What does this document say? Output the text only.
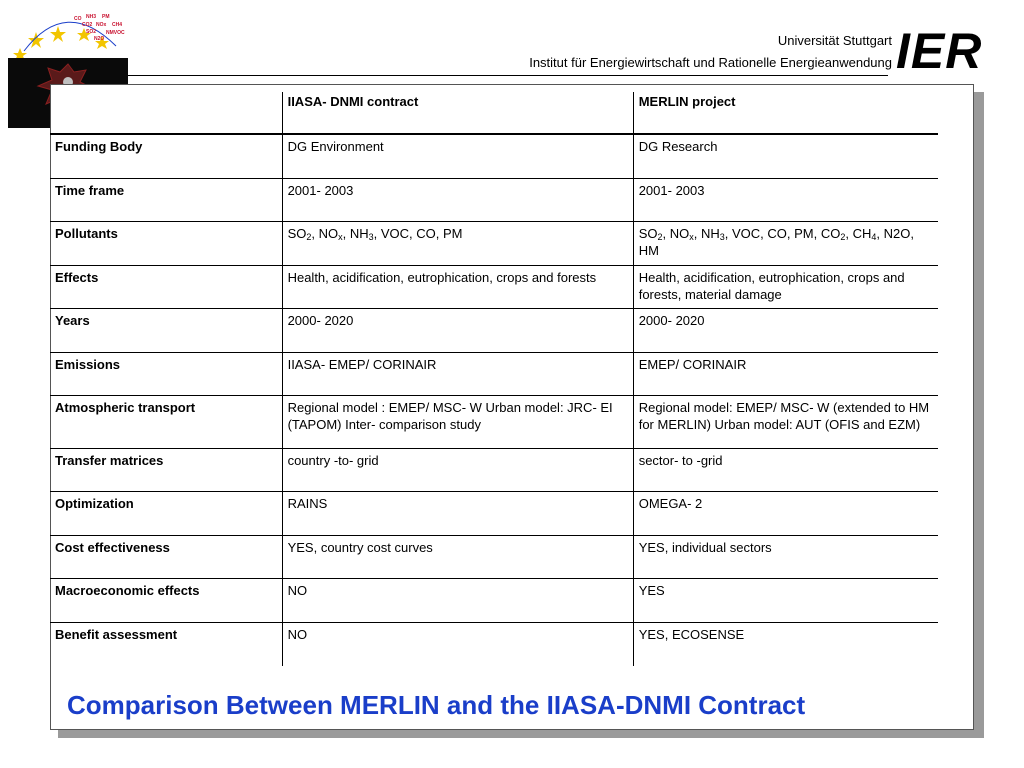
CO NH3 PM
CO2 NOx CH4
SO2 NMVOC
N2O	Universität Stuttgart
Institut für Energiewirtschaft und Rationelle Energieanwendung IER
	IIASA- DNMI contract	MERLIN project
Funding Body	DG Environment	DG Research
Time frame	2001- 2003	2001- 2003
Pollutants	$SO_2$, $NO_x$, $NH_3$, VOC, CO, PM	$SO_2$, $NO_x$, $NH_3$, VOC, CO, PM, $CO_2$, $CH_4$, N2O, HM
Effects	Health, acidification, eutrophication, crops and forests	Health, acidification, eutrophication, crops and forests, material damage
Years	2000- 2020	2000- 2020
Emissions	IIASA- EMEP/ CORINAIR	EMEP/ CORINAIR
Atmospheric transport	Regional model : EMEP/ MSC- W Urban model: JRC- EI (TAPOM) Inter- comparison study	Regional model: EMEP/ MSC- W (extended to HM for MERLIN) Urban model: AUT (OFIS and EZM)
Transfer matrices	country -to- grid	sector- to -grid
Optimization	RAINS	OMEGA- 2
Cost effectiveness	YES, country cost curves	YES, individual sectors
Macroeconomic effects	NO	YES
Benefit assessment	NO	YES, ECOSENSE
Comparison Between MERLIN and the IIASA-DNMI Contract
